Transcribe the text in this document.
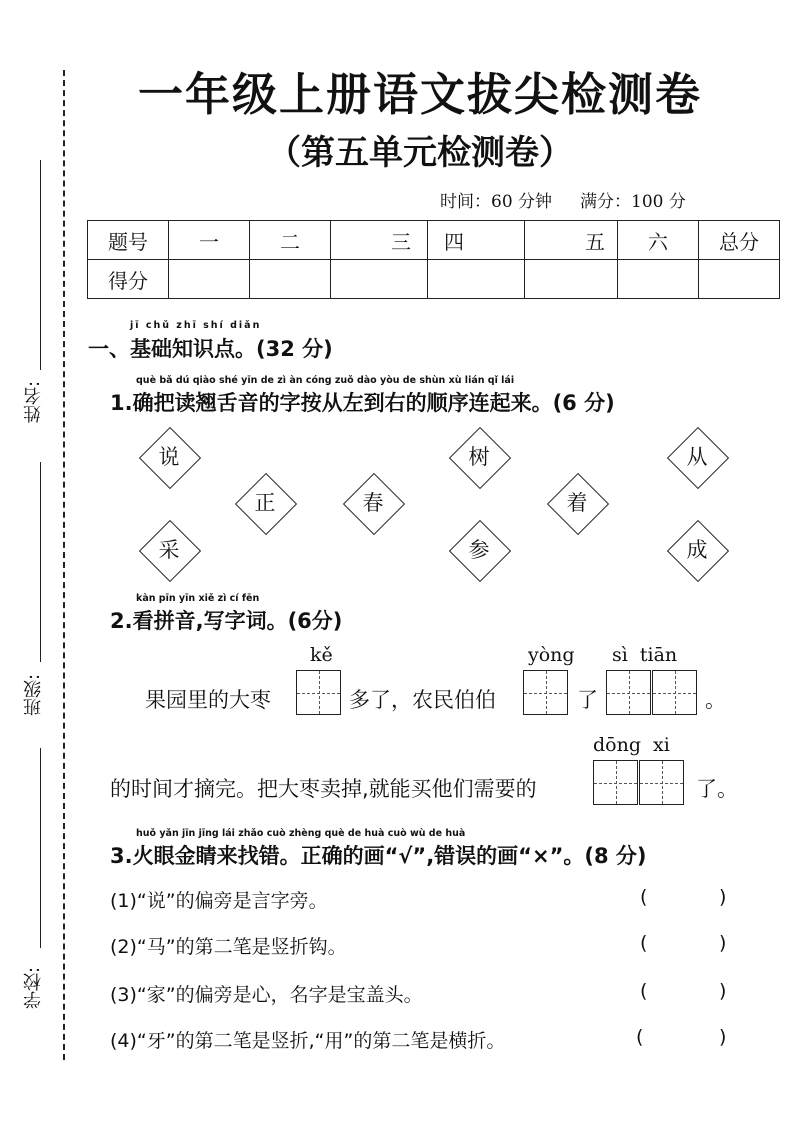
姓名:
班级:
学校:
一年级上册语文拔尖检测卷
（第五单元检测卷）
时间：60 分钟 满分：100 分
题号	一	二	三	四	五	六	总分
得分							
jī chǔ zhī shí diǎn
一、基础知识点。(32 分)
què bǎ dú qiào shé yīn de zì àn cóng zuǒ dào yòu de shùn xù lián qǐ lái
1.确把读翘舌音的字按从左到右的顺序连起来。(6 分)
说	树	从
正	春	着
采	参	成
kàn pīn yīn xiě zì cí fēn
2.看拼音,写字词。(6分)
kě	yòng sì tiān
果园里的大枣	多了，农民伯伯	了	。
dōng xi
的时间才摘完。把大枣卖掉,就能买他们需要的	了。
huǒ yǎn jīn jīng lái zhǎo cuò zhèng què de huà cuò wù de huà
3.火眼金睛来找错。正确的画“√”,错误的画“×”。(8 分)
(1)“说”的偏旁是言字旁。	(	)
(2)“马”的第二笔是竖折钩。	(	)
(3)“家”的偏旁是心，名字是宝盖头。	(	)
(4)“牙”的第二笔是竖折,“用”的第二笔是横折。	(	)
